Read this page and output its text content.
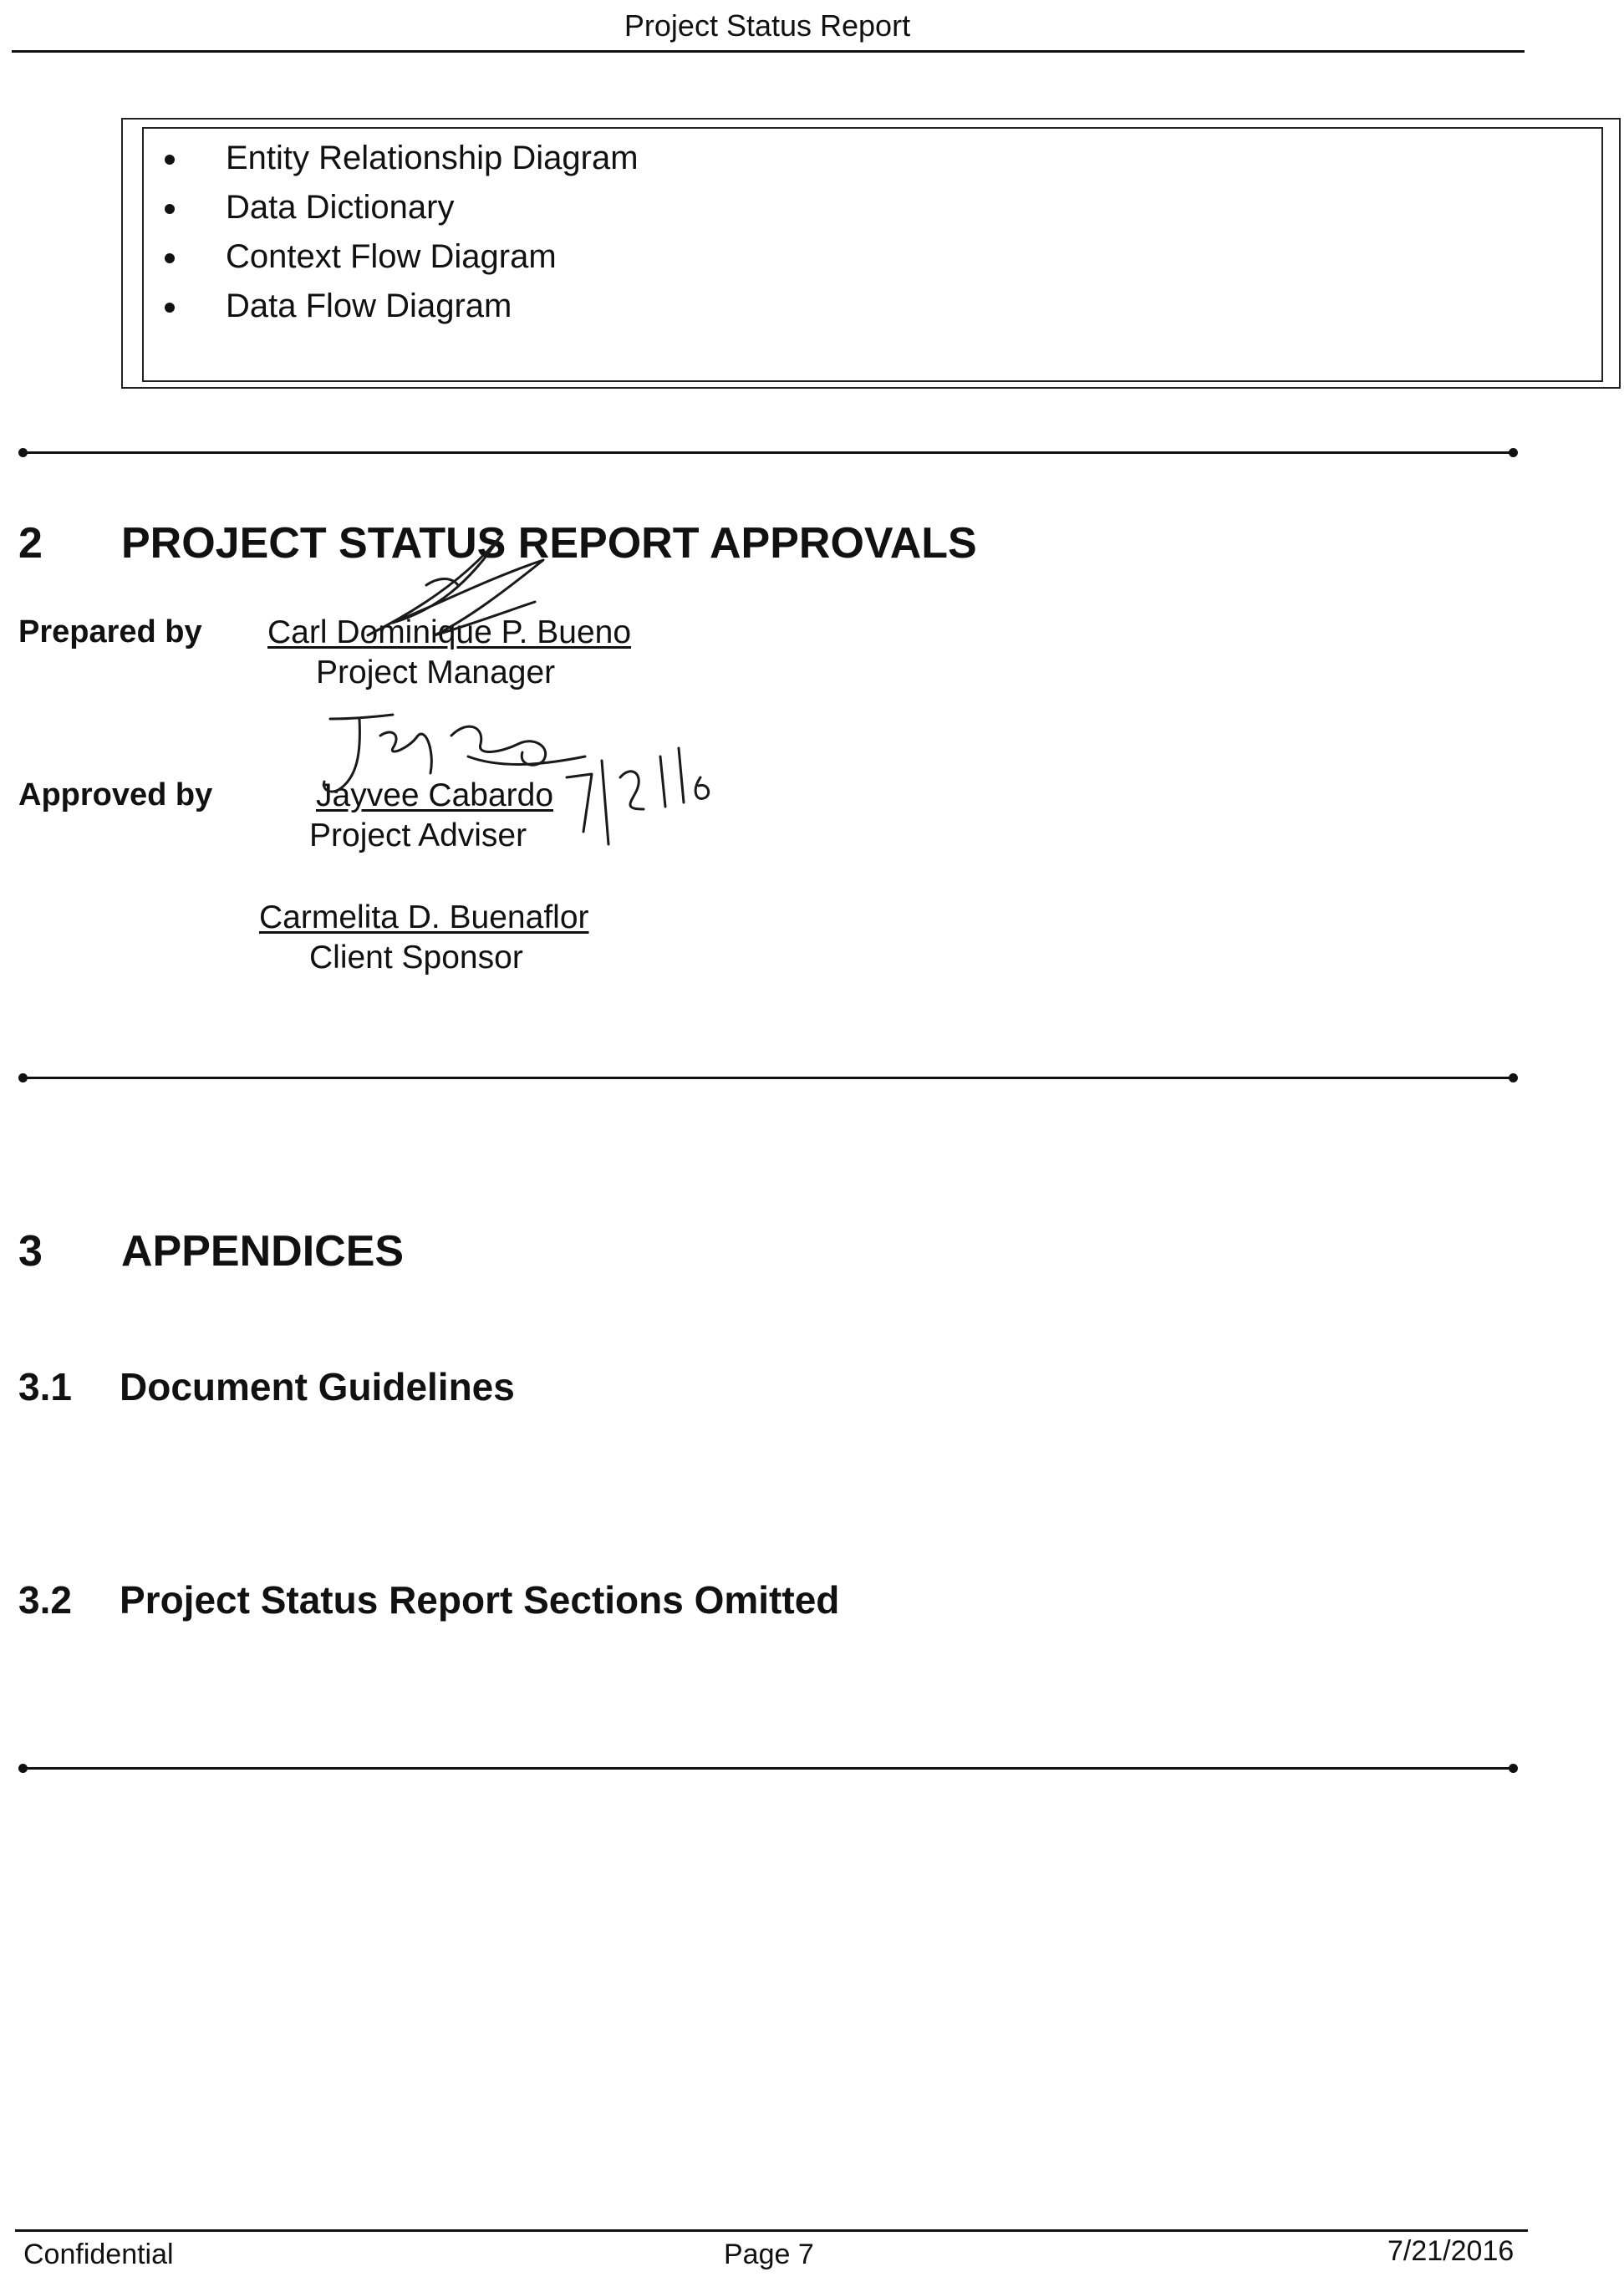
Project Status Report
Entity Relationship Diagram
Data Dictionary
Context Flow Diagram
Data Flow Diagram
2 PROJECT STATUS REPORT APPROVALS
Prepared by Carl Dominique P. Bueno
Project Manager
Approved by	Jayvee Cabardo
Project Adviser
Carmelita D. Buenaflor
Client Sponsor
3 APPENDICES
3.1 Document Guidelines
3.2 Project Status Report Sections Omitted
Confidential	Page 7	7/21/2016
